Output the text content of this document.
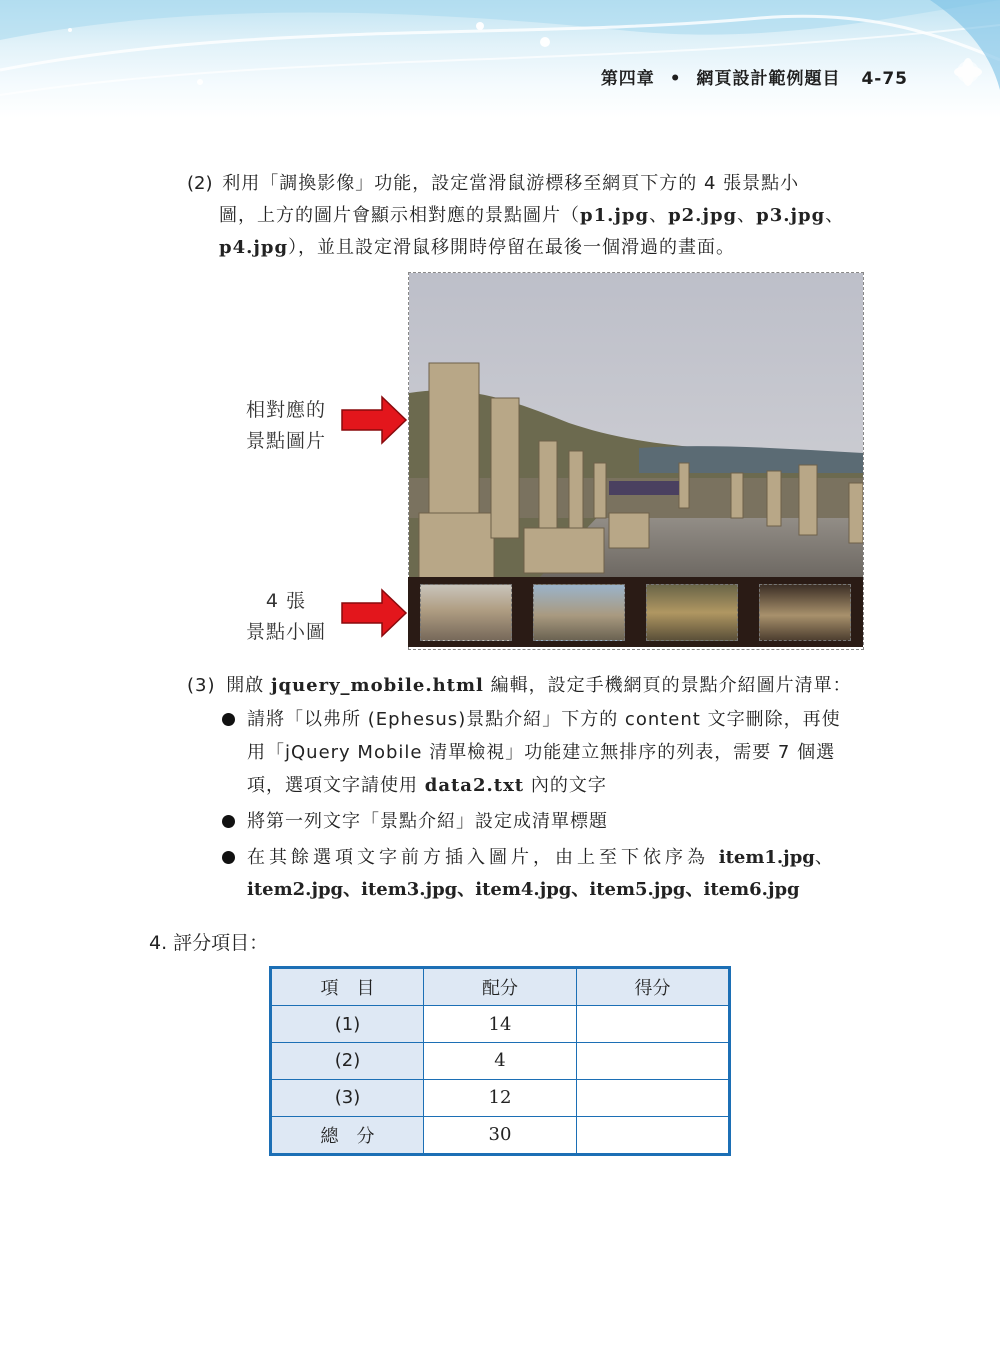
第四章 • 網頁設計範例題目 4-75
(2) 利用「調換影像」功能，設定當滑鼠游標移至網頁下方的 4 張景點小
圖，上方的圖片會顯示相對應的景點圖片（p1.jpg、p2.jpg、p3.jpg、
p4.jpg），並且設定滑鼠移開時停留在最後一個滑過的畫面。
相對應的
景點圖片
4 張
景點小圖
(3) 開啟 jquery_mobile.html 編輯，設定手機網頁的景點介紹圖片清單：
請將「以弗所 (Ephesus)景點介紹」下方的 content 文字刪除，再使
用「jQuery Mobile 清單檢視」功能建立無排序的列表，需要 7 個選
項，選項文字請使用 data2.txt 內的文字
將第一列文字「景點介紹」設定成清單標題
在其餘選項文字前方插入圖片，由上至下依序為 item1.jpg、
item2.jpg、item3.jpg、item4.jpg、item5.jpg、item6.jpg
4. 評分項目：
項　目	配分	得分
(1)	14	
(2)	4	
(3)	12	
總　分	30	
